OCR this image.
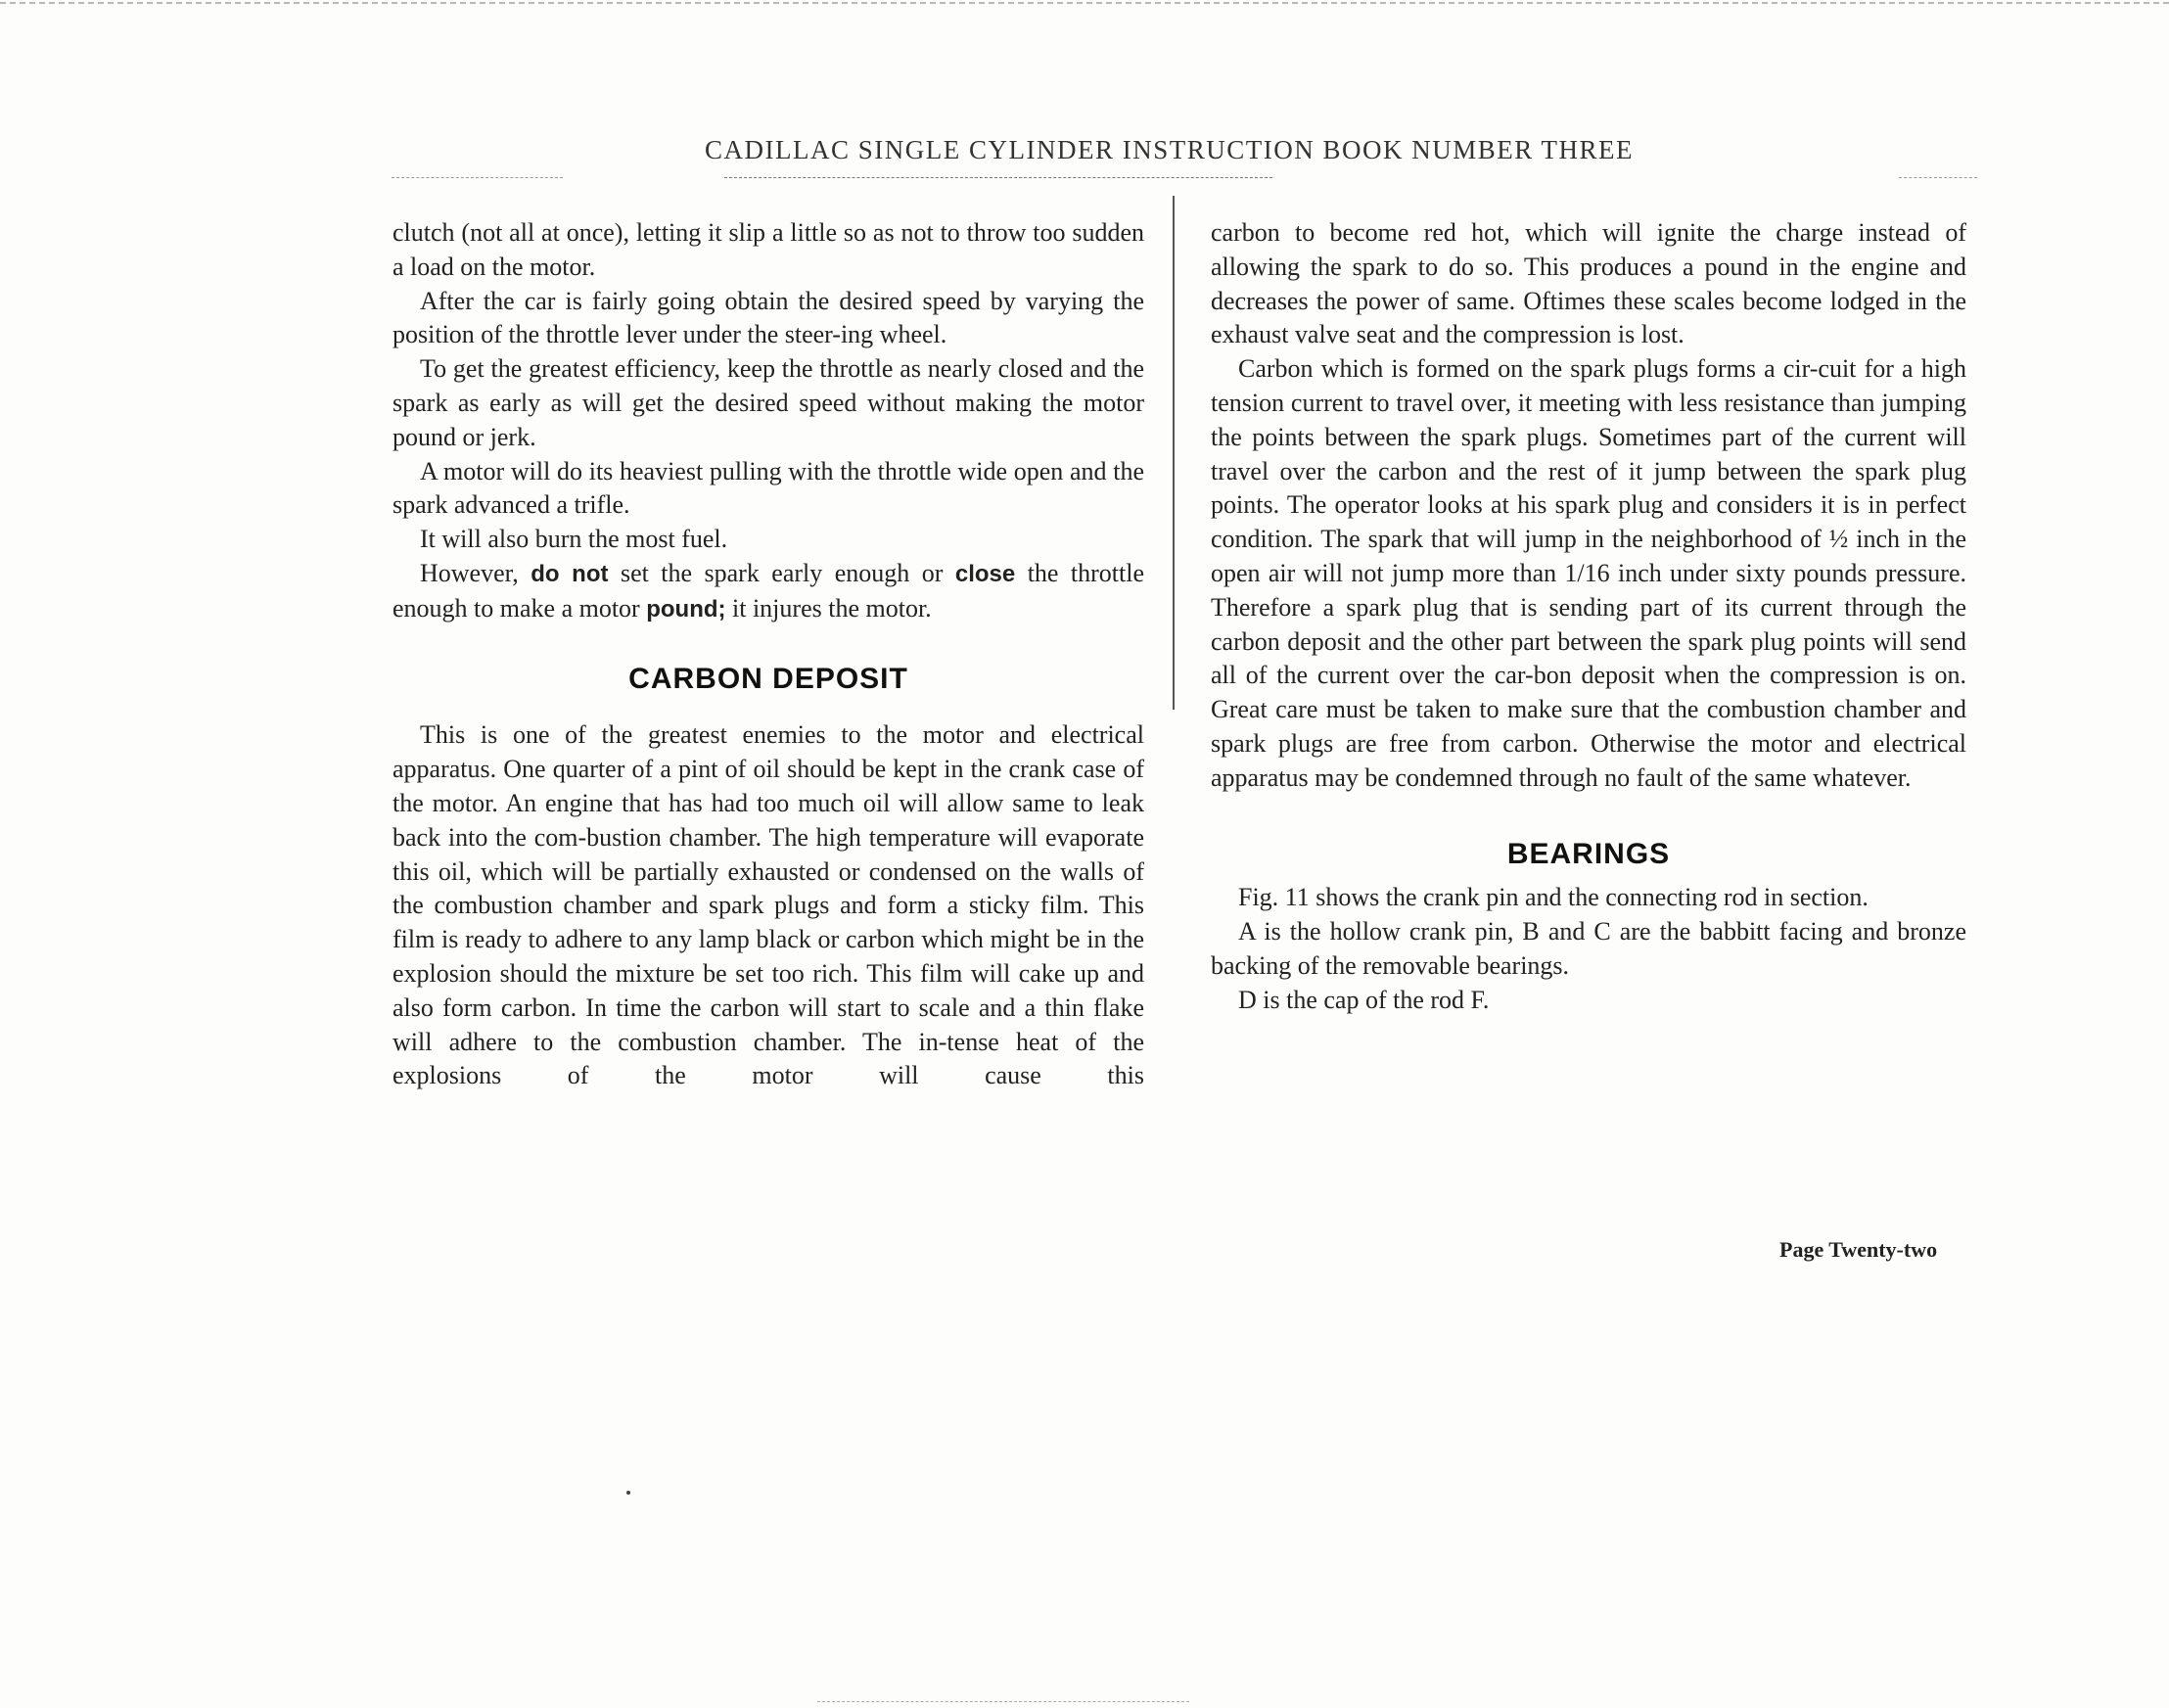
CADILLAC SINGLE CYLINDER INSTRUCTION BOOK NUMBER THREE

clutch (not all at once), letting it slip a little so as not to throw too sudden a load on the motor.

After the car is fairly going obtain the desired speed by varying the position of the throttle lever under the steer-ing wheel.

To get the greatest efficiency, keep the throttle as nearly closed and the spark as early as will get the desired speed without making the motor pound or jerk.

A motor will do its heaviest pulling with the throttle wide open and the spark advanced a trifle.

It will also burn the most fuel.

However, do not set the spark early enough or close the throttle enough to make a motor pound; it injures the motor.

CARBON DEPOSIT

This is one of the greatest enemies to the motor and electrical apparatus. One quarter of a pint of oil should be kept in the crank case of the motor. An engine that has had too much oil will allow same to leak back into the com-bustion chamber. The high temperature will evaporate this oil, which will be partially exhausted or condensed on the walls of the combustion chamber and spark plugs and form a sticky film. This film is ready to adhere to any lamp black or carbon which might be in the explosion should the mixture be set too rich. This film will cake up and also form carbon. In time the carbon will start to scale and a thin flake will adhere to the combustion chamber. The in-tense heat of the explosions of the motor will cause this

carbon to become red hot, which will ignite the charge instead of allowing the spark to do so. This produces a pound in the engine and decreases the power of same. Oftimes these scales become lodged in the exhaust valve seat and the compression is lost.

Carbon which is formed on the spark plugs forms a cir-cuit for a high tension current to travel over, it meeting with less resistance than jumping the points between the spark plugs. Sometimes part of the current will travel over the carbon and the rest of it jump between the spark plug points. The operator looks at his spark plug and considers it is in perfect condition. The spark that will jump in the neighborhood of ½ inch in the open air will not jump more than 1/16 inch under sixty pounds pressure. Therefore a spark plug that is sending part of its current through the carbon deposit and the other part between the spark plug points will send all of the current over the car-bon deposit when the compression is on. Great care must be taken to make sure that the combustion chamber and spark plugs are free from carbon. Otherwise the motor and electrical apparatus may be condemned through no fault of the same whatever.

BEARINGS

Fig. 11 shows the crank pin and the connecting rod in section.

A is the hollow crank pin, B and C are the babbitt facing and bronze backing of the removable bearings.

D is the cap of the rod F.

Page Twenty-two
